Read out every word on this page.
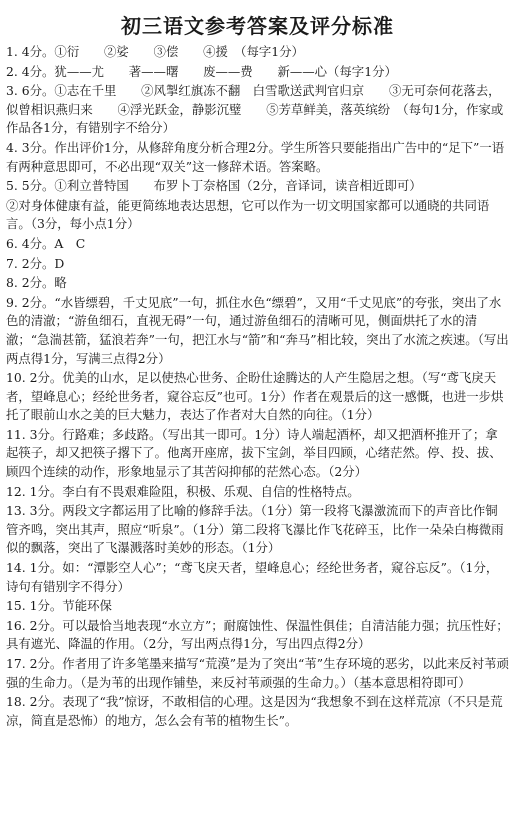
初三语文参考答案及评分标准
1. 4分。①衍　　②娑　　③偿　　④援　（每字1分）
2. 4分。犹——尤　　著——曙　　废——费　　新——心（每字1分）
3. 6分。①志在千里　　②风掣红旗冻不翻　白雪歌送武判官归京　　③无可奈何花落去，似曾相识燕归来　　④浮光跃金，静影沉璧　　⑤芳草鲜美，落英缤纷　（每句1分，作家或作品各1分，有错别字不给分）
4. 3分。作出评价1分，从修辞角度分析合理2分。学生所答只要能指出广告中的“足下”一语有两种意思即可，不必出现“双关”这一修辞术语。答案略。
5. 5分。①利立普特国　　布罗卜丁奈格国（2分，音译词，读音相近即可）
②对身体健康有益，能更简练地表达思想，它可以作为一切文明国家都可以通晓的共同语言。（3分，每小点1分）
6. 4分。A　C
7. 2分。D
8. 2分。略
9. 2分。“水皆缥碧，千丈见底”一句，抓住水色“缥碧”，又用“千丈见底”的夸张，突出了水色的清澈；“游鱼细石，直视无碍”一句，通过游鱼细石的清晰可见，侧面烘托了水的清澈；“急湍甚箭，猛浪若奔”一句，把江水与“箭”和“奔马”相比较，突出了水流之疾速。（写出两点得1分，写满三点得2分）
10. 2分。优美的山水，足以使热心世务、企盼仕途腾达的人产生隐居之想。（写“鸢飞戾天者，望峰息心；经纶世务者，窥谷忘反”也可。1分）作者在观景后的这一感慨，也进一步烘托了眼前山水之美的巨大魅力，表达了作者对大自然的向往。（1分）
11. 3分。行路难；多歧路。（写出其一即可。1分）诗人端起酒杯，却又把酒杯推开了；拿起筷子，却又把筷子撂下了。他离开座席，拔下宝剑，举目四顾，心绪茫然。停、投、拔、顾四个连续的动作，形象地显示了其苦闷抑郁的茫然心态。（2分）
12. 1分。李白有不畏艰难险阻，积极、乐观、自信的性格特点。
13. 3分。两段文字都运用了比喻的修辞手法。（1分）第一段将飞瀑激流而下的声音比作铜管齐鸣，突出其声，照应“听泉”。（1分）第二段将飞瀑比作飞花碎玉，比作一朵朵白梅微雨似的飘落，突出了飞瀑溅落时美妙的形态。（1分）
14. 1分。如：“潭影空人心”；“鸢飞戾天者，望峰息心；经纶世务者，窥谷忘反”。（1分，诗句有错别字不得分）
15. 1分。节能环保
16. 2分。可以最恰当地表现“水立方”；耐腐蚀性、保温性俱佳；自清洁能力强；抗压性好；具有遮光、降温的作用。（2分，写出两点得1分，写出四点得2分）
17. 2分。作者用了许多笔墨来描写“荒漠”是为了突出“苇”生存环境的恶劣，以此来反衬苇顽强的生命力。（是为苇的出现作铺垫，来反衬苇顽强的生命力。）（基本意思相符即可）
18. 2分。表现了“我”惊讶，不敢相信的心理。这是因为“我想象不到在这样荒凉（不只是荒凉，简直是恐怖）的地方，怎么会有苇的植物生长”。
